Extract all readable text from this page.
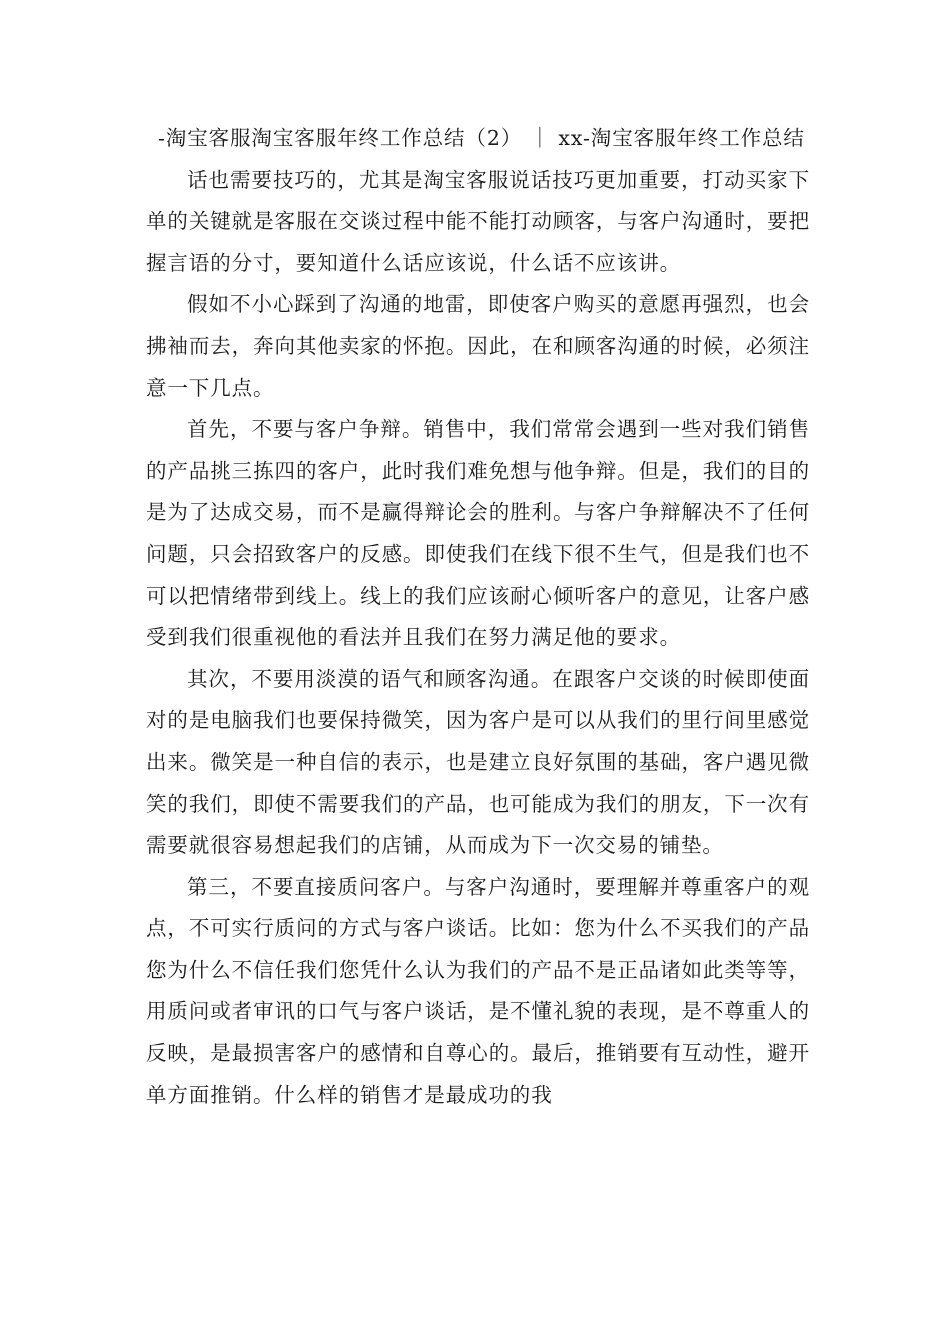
-淘宝客服淘宝客服年终工作总结（2） ｜ xx-淘宝客服年终工作总结

话也需要技巧的，尤其是淘宝客服说话技巧更加重要，打动买家下单的关键就是客服在交谈过程中能不能打动顾客，与客户沟通时，要把握言语的分寸，要知道什么话应该说，什么话不应该讲。

假如不小心踩到了沟通的地雷，即使客户购买的意愿再强烈，也会拂袖而去，奔向其他卖家的怀抱。因此，在和顾客沟通的时候，必须注意一下几点。

首先，不要与客户争辩。销售中，我们常常会遇到一些对我们销售的产品挑三拣四的客户，此时我们难免想与他争辩。但是，我们的目的是为了达成交易，而不是赢得辩论会的胜利。与客户争辩解决不了任何问题，只会招致客户的反感。即使我们在线下很不生气，但是我们也不可以把情绪带到线上。线上的我们应该耐心倾听客户的意见，让客户感受到我们很重视他的看法并且我们在努力满足他的要求。

其次，不要用淡漠的语气和顾客沟通。在跟客户交谈的时候即使面对的是电脑我们也要保持微笑，因为客户是可以从我们的里行间里感觉出来。微笑是一种自信的表示，也是建立良好氛围的基础，客户遇见微笑的我们，即使不需要我们的产品，也可能成为我们的朋友，下一次有需要就很容易想起我们的店铺，从而成为下一次交易的铺垫。

第三，不要直接质问客户。与客户沟通时，要理解并尊重客户的观点，不可实行质问的方式与客户谈话。比如：您为什么不买我们的产品您为什么不信任我们您凭什么认为我们的产品不是正品诸如此类等等，用质问或者审讯的口气与客户谈话，是不懂礼貌的表现，是不尊重人的反映，是最损害客户的感情和自尊心的。最后，推销要有互动性，避开单方面推销。什么样的销售才是最成功的我
